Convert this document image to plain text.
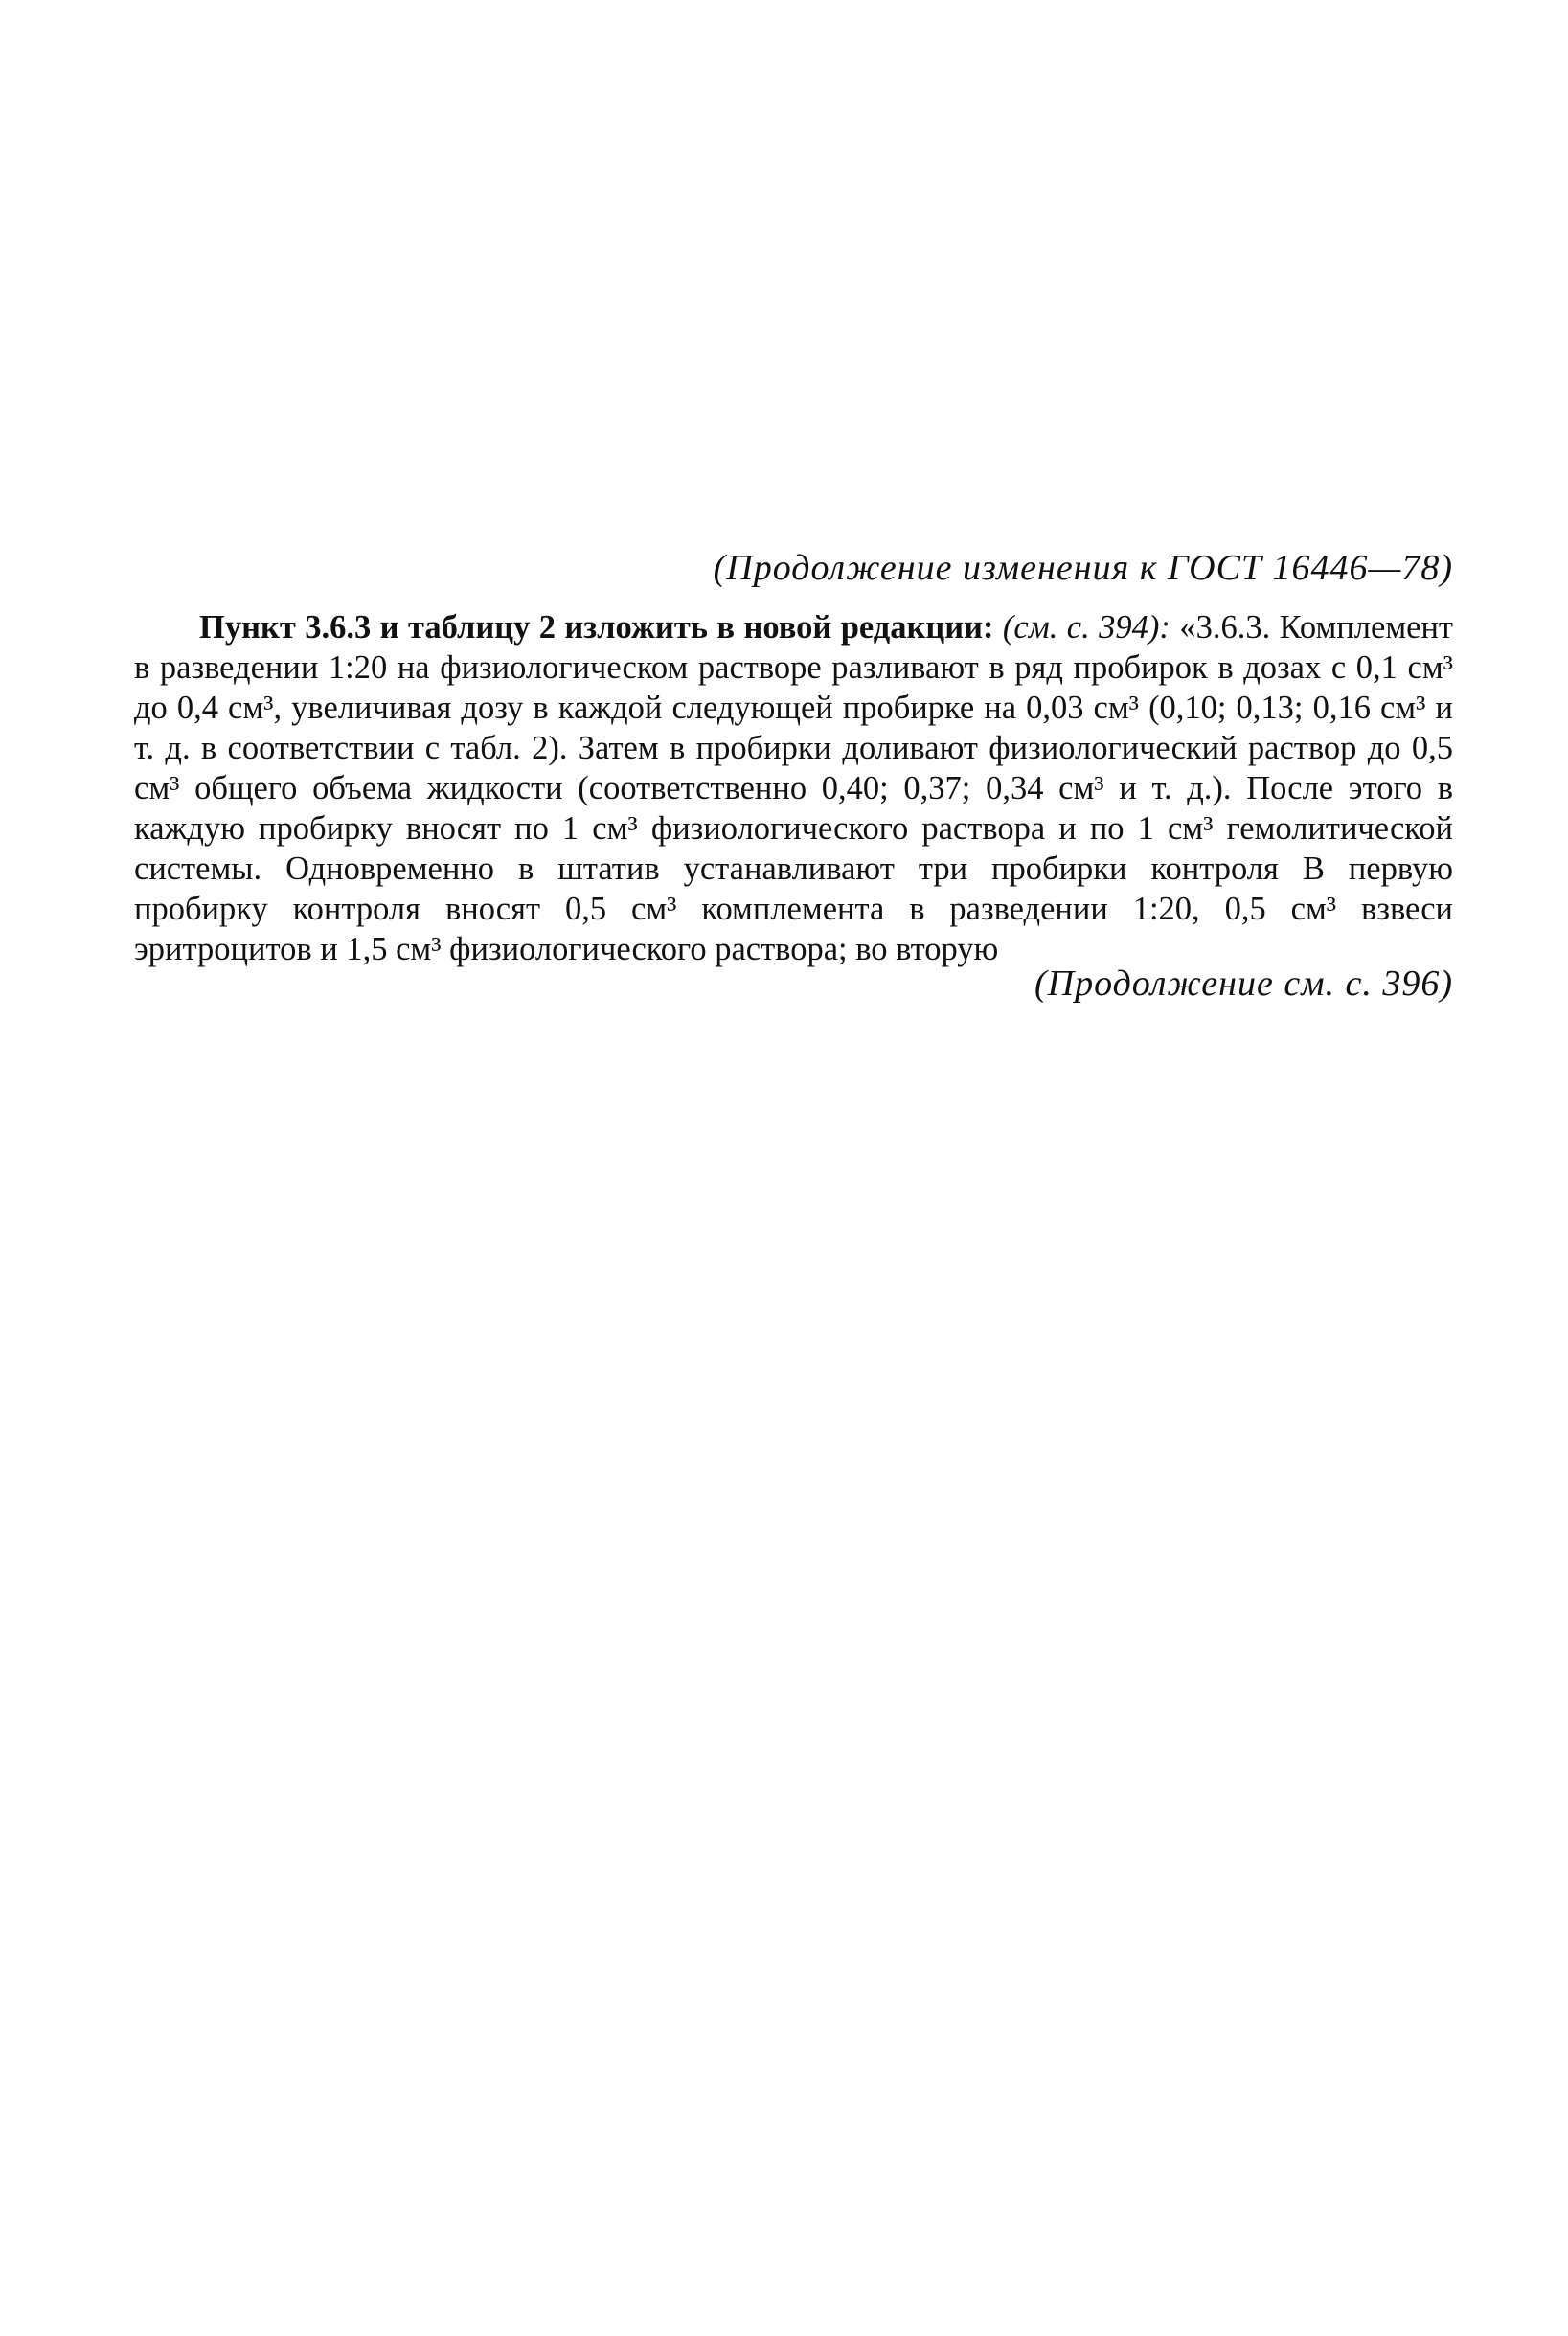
(Продолжение изменения к ГОСТ 16446—78)

Пункт 3.6.3 и таблицу 2 изложить в новой редакции: (см. с. 394): «3.6.3. Комплемент в разведении 1:20 на физиологическом растворе разливают в ряд пробирок в дозах с 0,1 см³ до 0,4 см³, увеличивая дозу в каждой следующей пробирке на 0,03 см³ (0,10; 0,13; 0,16 см³ и т. д. в соответствии с табл. 2). Затем в пробирки доливают физиологический раствор до 0,5 см³ общего объема жидкости (соответственно 0,40; 0,37; 0,34 см³ и т. д.). После этого в каждую пробирку вносят по 1 см³ физиологического раствора и по 1 см³ гемолитической системы. Одновременно в штатив устанавливают три пробирки контроля В первую пробирку контроля вносят 0,5 см³ комплемента в разведении 1:20, 0,5 см³ взвеси эритроцитов и 1,5 см³ физиологического раствора; во вторую

(Продолжение см. с. 396)
